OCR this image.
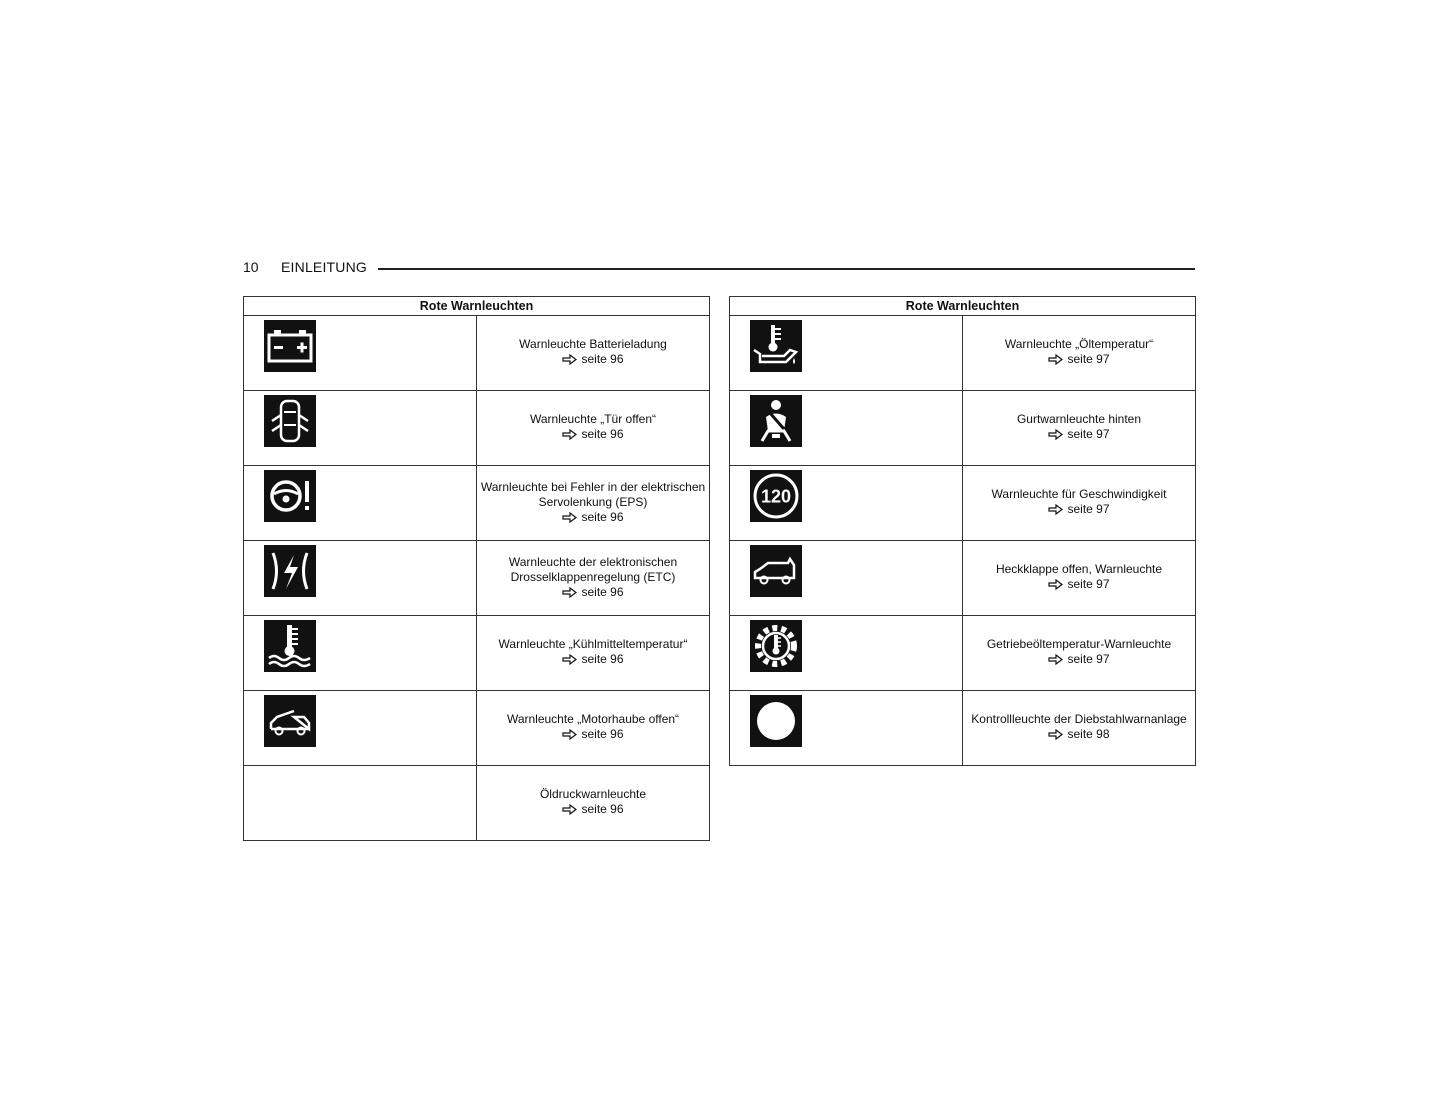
10 EINLEITUNG
Rote Warnleuchten	

Warnleuchte Batterieladung
seite 96

Warnleuchte „Tür offen“
seite 96

Warnleuchte bei Fehler in der elektrischen Servolenkung (EPS)
seite 96

Warnleuchte der elektronischen Drosselklappenregelung (ETC)
seite 96

Warnleuchte „Kühlmitteltemperatur“
seite 96

Warnleuchte „Motorhaube offen“
seite 96

	Öldruckwarnleuchte
seite 96
Rote Warnleuchten	

Warnleuchte „Öltemperatur“
seite 97

Gurtwarnleuchte hinten
seite 97

120	Warnleuchte für Geschwindigkeit
seite 97

Heckklappe offen, Warnleuchte
seite 97

Getriebeöltemperatur-Warnleuchte
seite 97

Kontrollleuchte der Diebstahlwarnanlage
seite 98
